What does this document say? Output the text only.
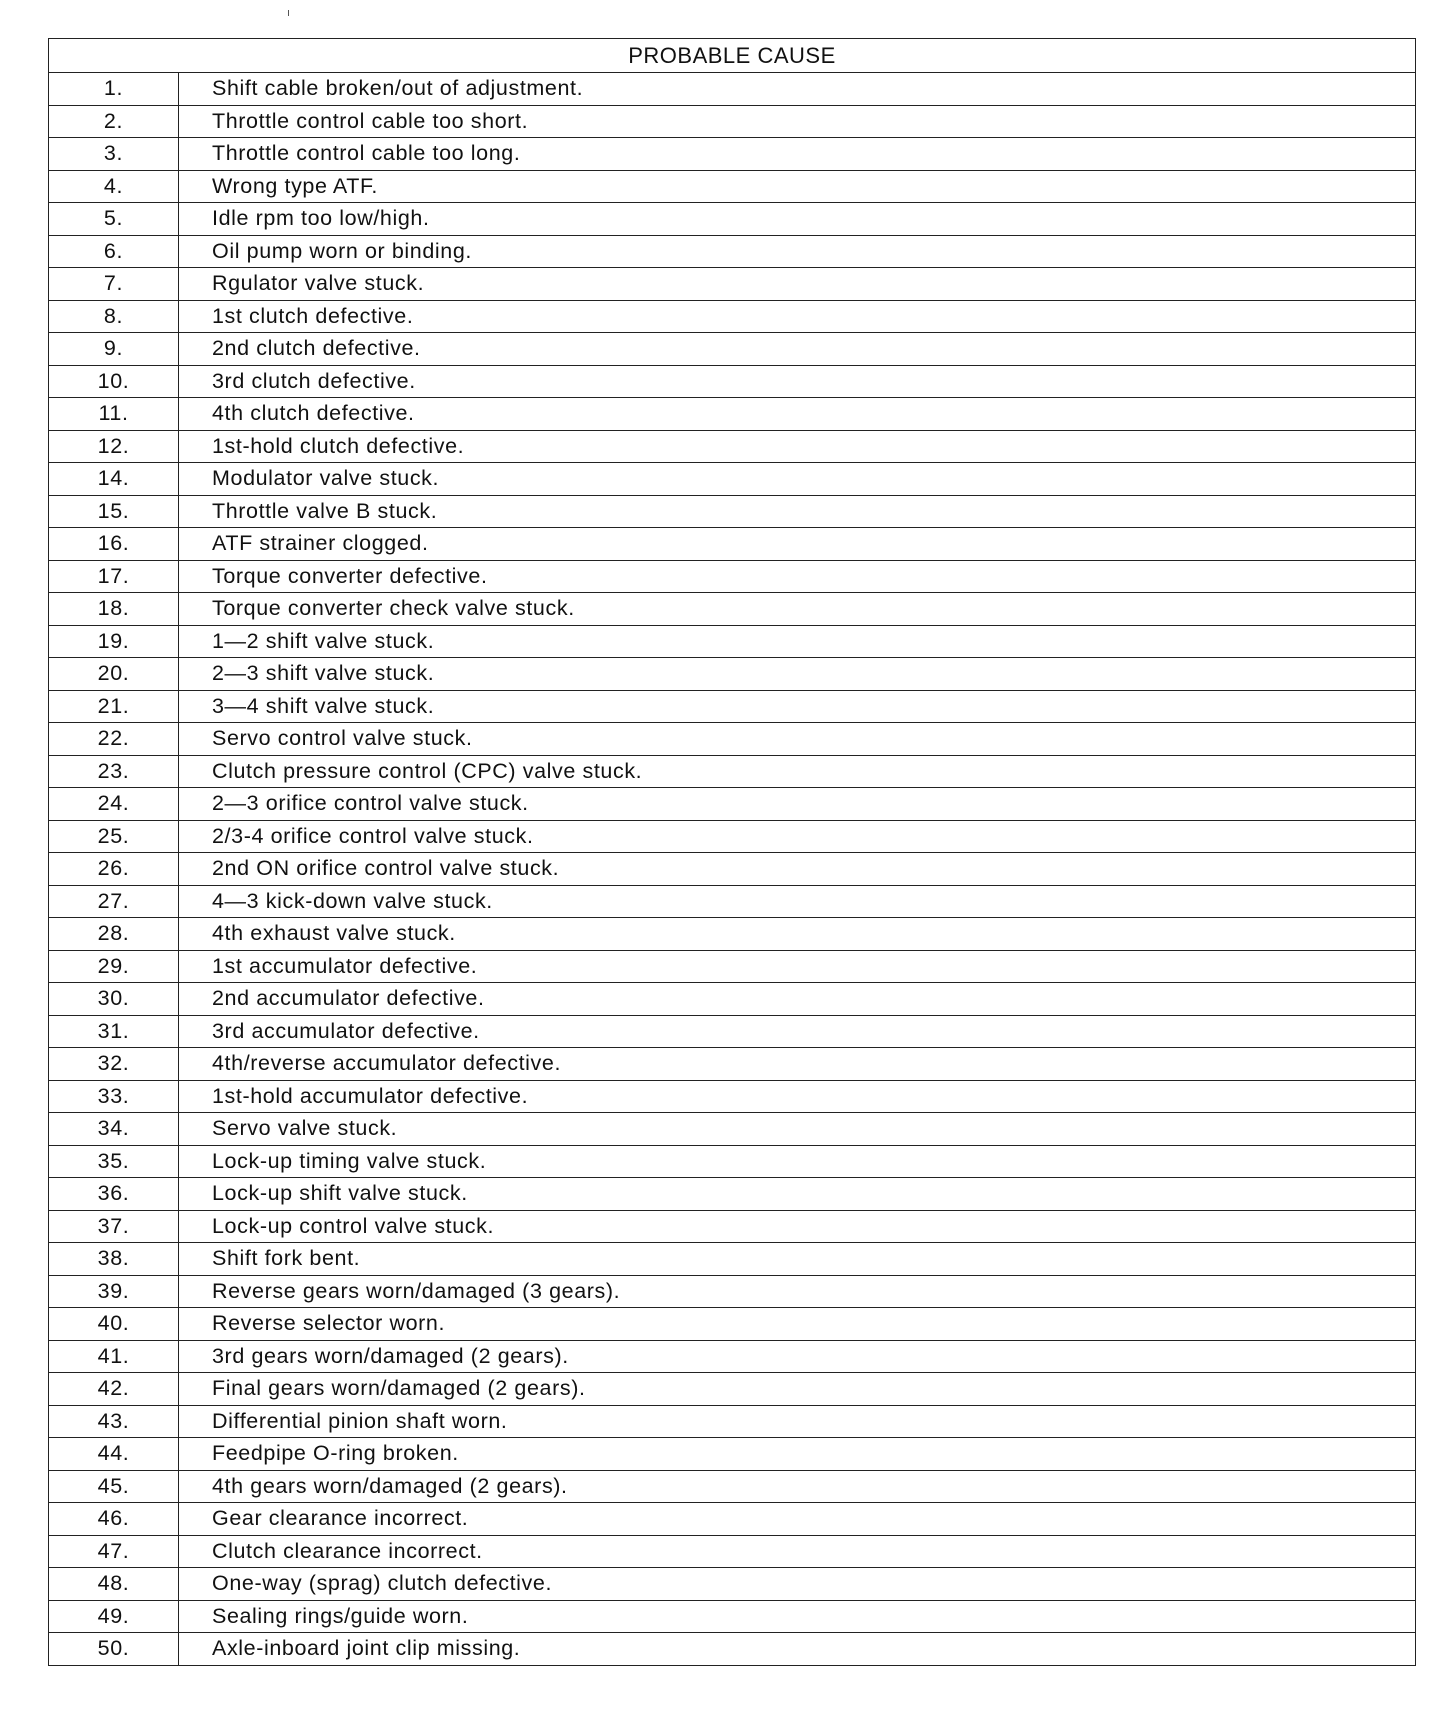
PROBABLE CAUSE	
1.	Shift cable broken/out of adjustment.
2.	Throttle control cable too short.
3.	Throttle control cable too long.
4.	Wrong type ATF.
5.	Idle rpm too low/high.
6.	Oil pump worn or binding.
7.	Rgulator valve stuck.
8.	1st clutch defective.
9.	2nd clutch defective.
10.	3rd clutch defective.
11.	4th clutch defective.
12.	1st-hold clutch defective.
14.	Modulator valve stuck.
15.	Throttle valve B stuck.
16.	ATF strainer clogged.
17.	Torque converter defective.
18.	Torque converter check valve stuck.
19.	1—2 shift valve stuck.
20.	2—3 shift valve stuck.
21.	3—4 shift valve stuck.
22.	Servo control valve stuck.
23.	Clutch pressure control (CPC) valve stuck.
24.	2—3 orifice control valve stuck.
25.	2/3-4 orifice control valve stuck.
26.	2nd ON orifice control valve stuck.
27.	4—3 kick-down valve stuck.
28.	4th exhaust valve stuck.
29.	1st accumulator defective.
30.	2nd accumulator defective.
31.	3rd accumulator defective.
32.	4th/reverse accumulator defective.
33.	1st-hold accumulator defective.
34.	Servo valve stuck.
35.	Lock-up timing valve stuck.
36.	Lock-up shift valve stuck.
37.	Lock-up control valve stuck.
38.	Shift fork bent.
39.	Reverse gears worn/damaged (3 gears).
40.	Reverse selector worn.
41.	3rd gears worn/damaged (2 gears).
42.	Final gears worn/damaged (2 gears).
43.	Differential pinion shaft worn.
44.	Feedpipe O-ring broken.
45.	4th gears worn/damaged (2 gears).
46.	Gear clearance incorrect.
47.	Clutch clearance incorrect.
48.	One-way (sprag) clutch defective.
49.	Sealing rings/guide worn.
50.	Axle-inboard joint clip missing.
